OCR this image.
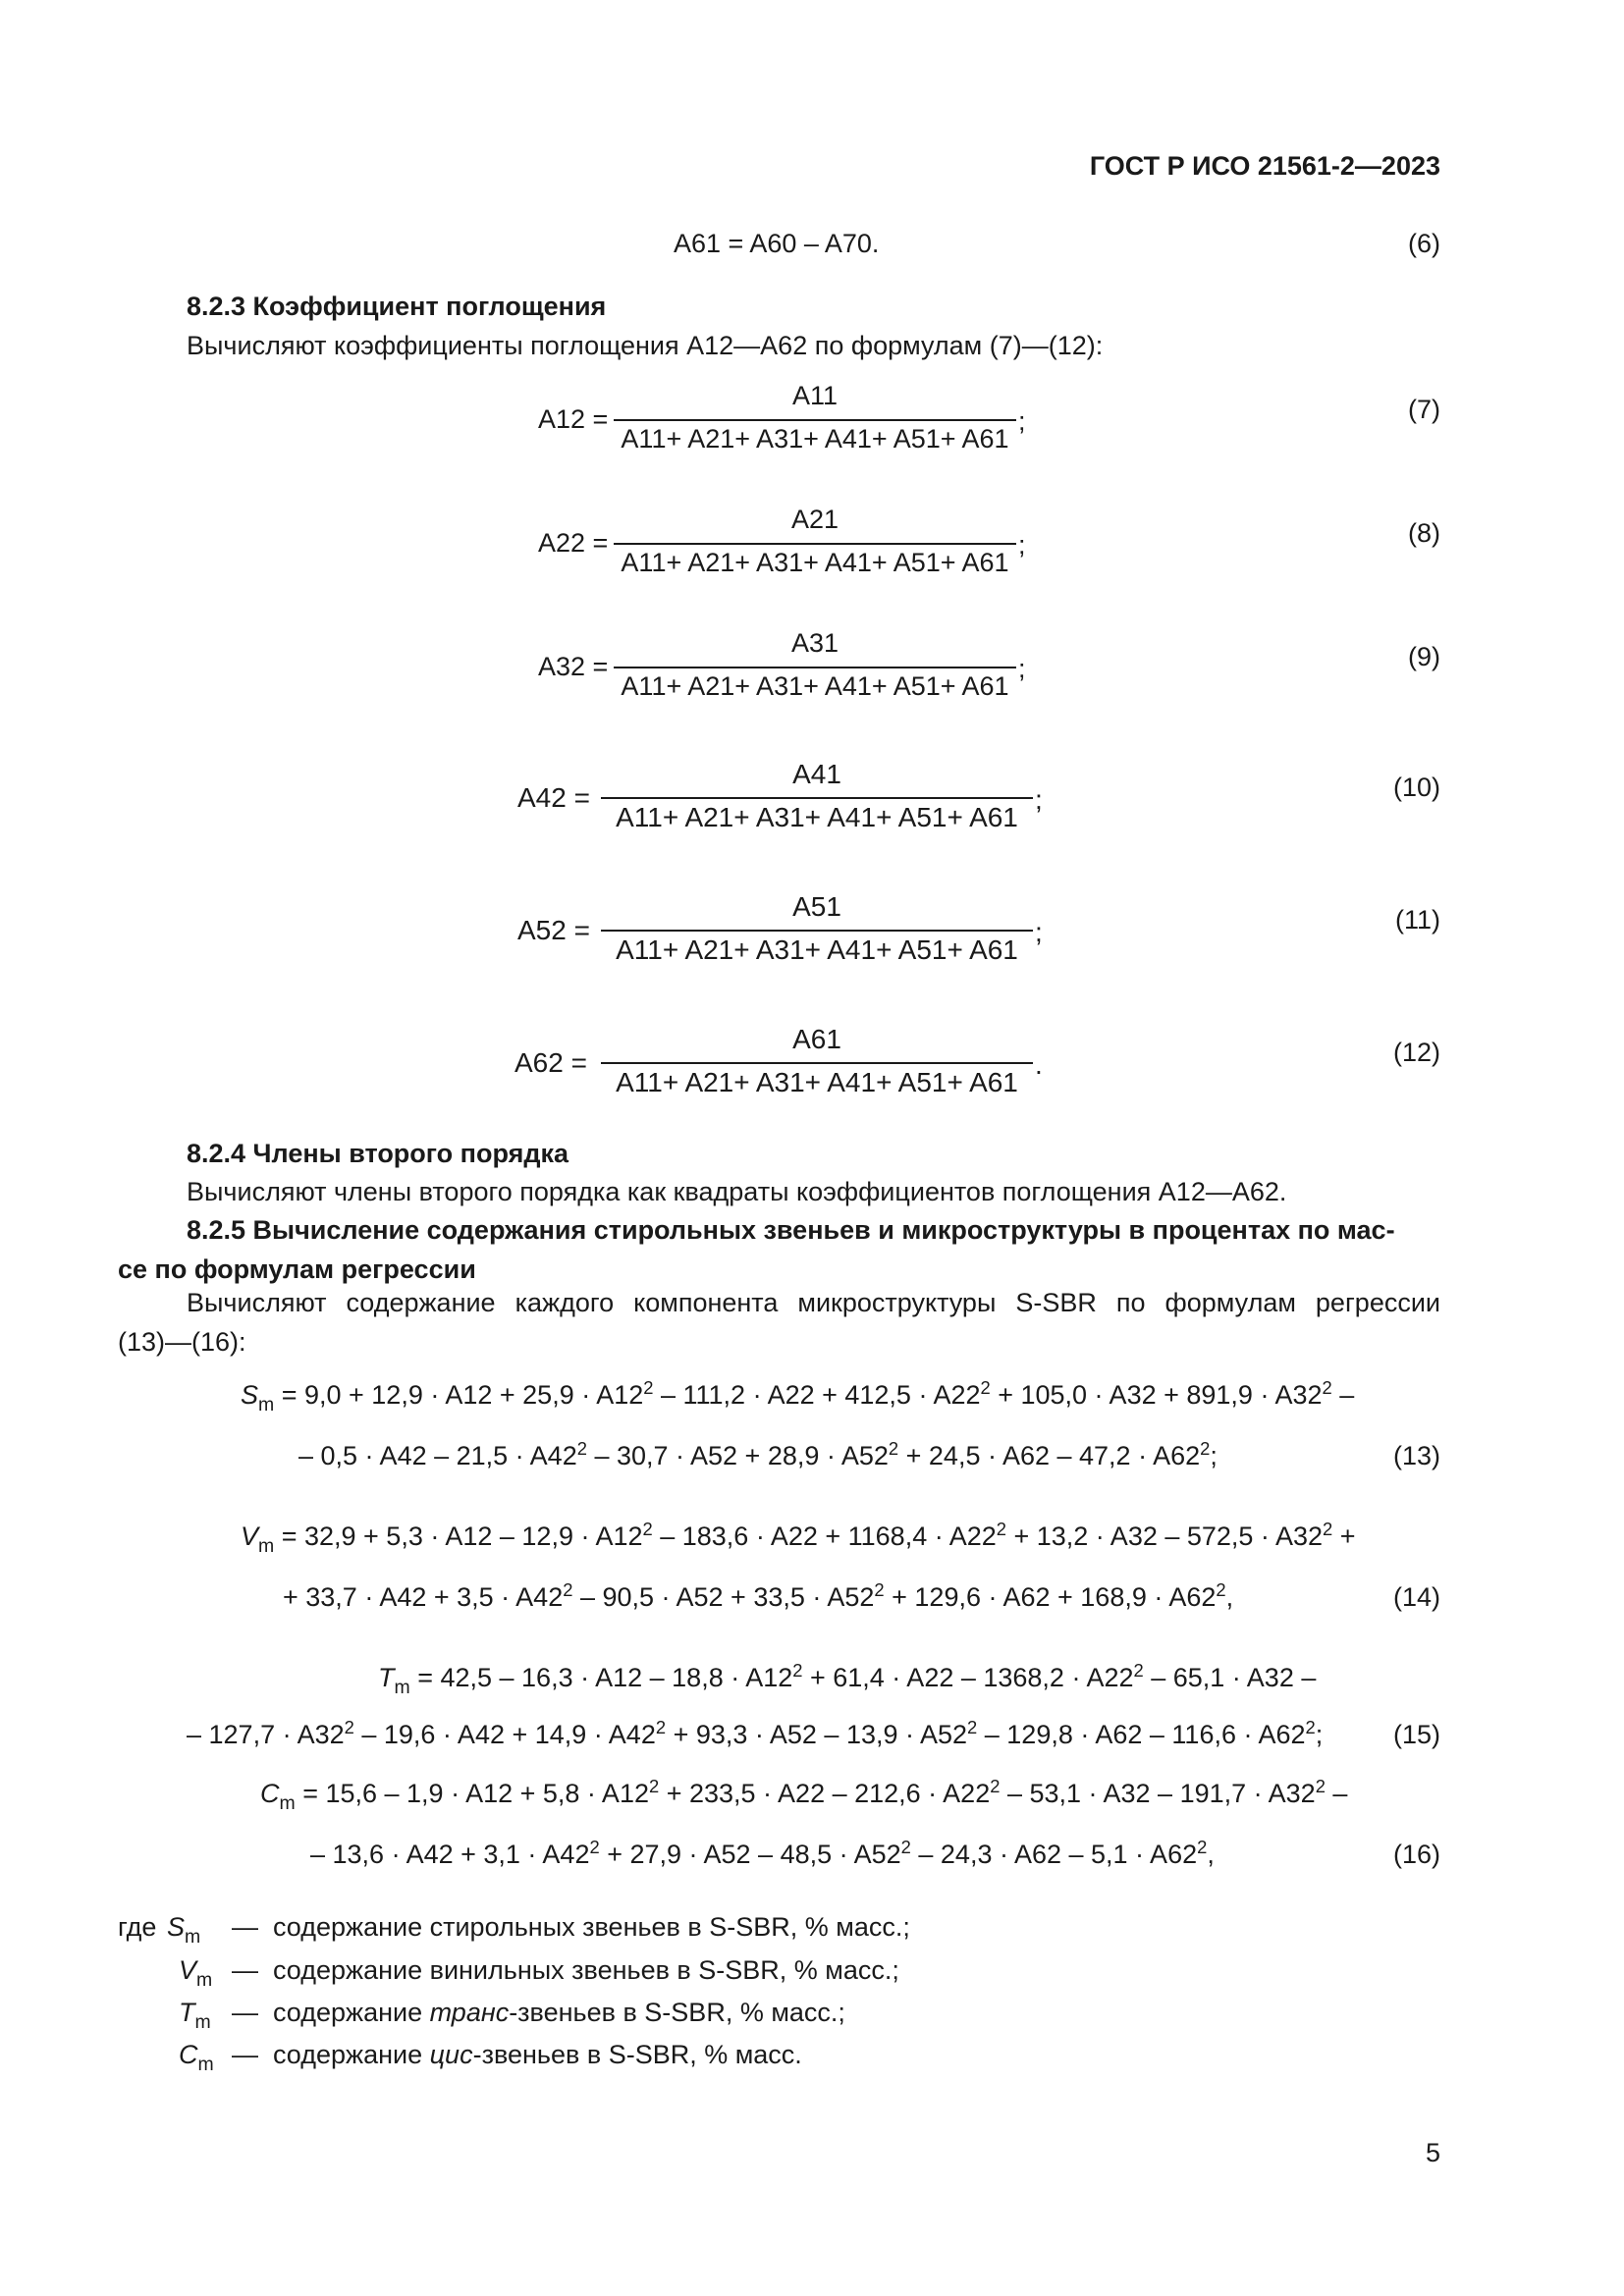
ГОСТ Р ИСО 21561-2—2023
A61 = A60 – A70.	(6)
8.2.3 Коэффициент поглощения
Вычисляют коэффициенты поглощения A12—A62 по формулам (7)—(12):
A12 =
A11
A11+ A21+ A31+ A41+ A51+ A61
;	(7)
A22 =
A21
A11+ A21+ A31+ A41+ A51+ A61
;	(8)
A32 =
A31
A11+ A21+ A31+ A41+ A51+ A61
;	(9)
A42 =
A41
A11+ A21+ A31+ A41+ A51+ A61
;	(10)
A52 =
A51
A11+ A21+ A31+ A41+ A51+ A61
;	(11)
A62 =
A61
A11+ A21+ A31+ A41+ A51+ A61
.	(12)
8.2.4 Члены второго порядка
Вычисляют члены второго порядка как квадраты коэффициентов поглощения A12—A62.
8.2.5 Вычисление содержания стирольных звеньев и микроструктуры в процентах по мас-
се по формулам регрессии
Вычисляют содержание каждого компонента микроструктуры S-SBR по формулам регрессии
(13)—(16):
$S_m = 9,0 + 12,9 \cdot A12 + 25,9 \cdot A12^2 - 111,2 \cdot A22 + 412,5 \cdot A22^2 + 105,0 \cdot A32 + 891,9 \cdot A32^2$ –
– $0,5 \cdot A42 - 21,5 \cdot A42^2 - 30,7 \cdot A52 + 28,9 \cdot A52^2 + 24,5 \cdot A62 - 47,2 \cdot A62^2$;	(13)
$V_m = 32,9 + 5,3 \cdot A12 - 12,9 \cdot A12^2 - 183,6 \cdot A22 + 1168,4 \cdot A22^2 + 13,2 \cdot A32 - 572,5 \cdot A32^2$ +
+ $33,7 \cdot A42 + 3,5 \cdot A42^2 - 90,5 \cdot A52 + 33,5 \cdot A52^2 + 129,6 \cdot A62 + 168,9 \cdot A62^2$,	(14)
$T_m = 42,5 - 16,3 \cdot A12 - 18,8 \cdot A12^2 + 61,4 \cdot A22 - 1368,2 \cdot A22^2 - 65,1 \cdot A32$ –
– $127,7 \cdot A32^2 - 19,6 \cdot A42 + 14,9 \cdot A42^2 + 93,3 \cdot A52 - 13,9 \cdot A52^2 - 129,8 \cdot A62 - 116,6 \cdot A62^2$;	(15)
$C_m = 15,6 - 1,9 \cdot A12 + 5,8 \cdot A12^2 + 233,5 \cdot A22 - 212,6 \cdot A22^2 - 53,1 \cdot A32 - 191,7 \cdot A32^2$ –
– $13,6 \cdot A42 + 3,1 \cdot A42^2 + 27,9 \cdot A52 - 48,5 \cdot A52^2 - 24,3 \cdot A62 - 5,1 \cdot A62^2$,	(16)
где $S_m$ — содержание стирольных звеньев в S-SBR, % масс.;
$V_m$ — содержание винильных звеньев в S-SBR, % масс.;
$T_m$ — содержание транс-звеньев в S-SBR, % масс.;
$C_m$ — содержание цис-звеньев в S-SBR, % масс.
5
